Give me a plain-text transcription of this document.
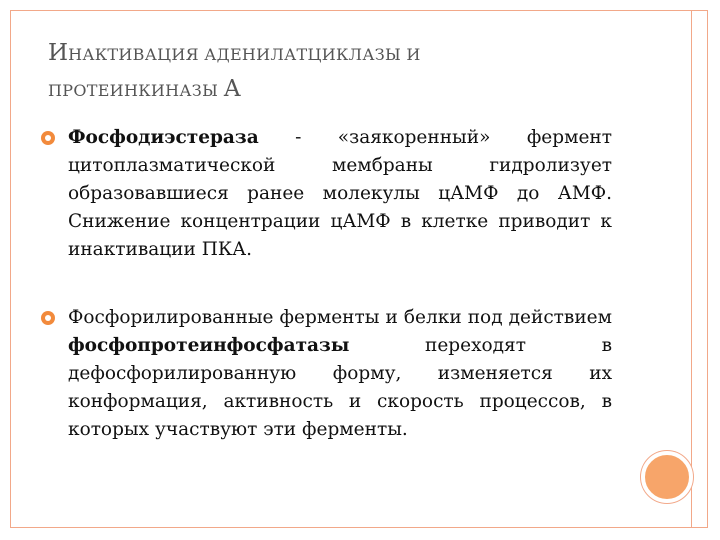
ИНАКТИВАЦИЯ АДЕНИЛАТЦИКЛАЗЫ И
ПРОТЕИНКИНАЗЫ А
Фосфодиэстераза - «заякоренный» фермент цитоплазматической мембраны гидролизует образовавшиеся ранее молекулы цАМФ до АМФ. Снижение концентрации цАМФ в клетке приводит к инактивации ПКА.
Фосфорилированные ферменты и белки под действием фосфопротеинфосфатазы переходят в дефосфорилированную форму, изменяется их конформация, активность и скорость процессов, в которых участвуют эти ферменты.
